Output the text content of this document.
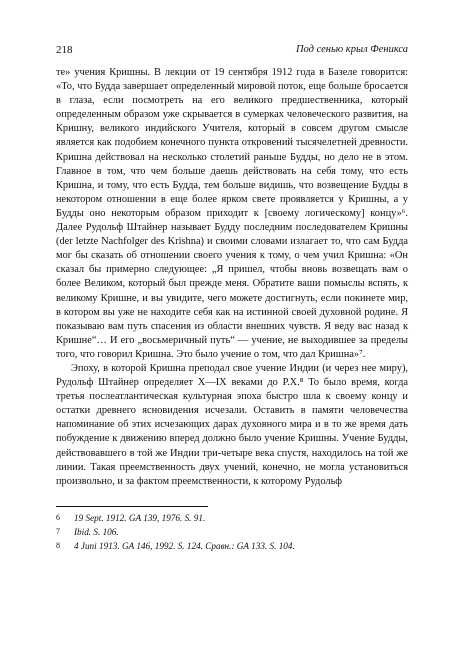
218	Под сенью крыл Феникса

те» учения Кришны. В лекции от 19 сентября 1912 года в Базеле говорится: «То, что Будда завершает определенный мировой поток, еще больше бросается в глаза, если посмотреть на его великого предшественника, который определенным образом уже скрывается в сумерках человеческого развития, на Кришну, великого индийского Учителя, который в совсем другом смысле является как подобием конечного пункта откровений тысячелетней древности. Кришна действовал на несколько столетий раньше Будды, но дело не в этом. Главное в том, что чем больше даешь действовать на себя тому, что есть Кришна, и тому, что есть Будда, тем больше видишь, что возвещение Будды в некотором отношении в еще более ярком свете проявляется у Кришны, а у Будды оно некоторым образом приходит к [своему логическому] концу»⁶. Далее Рудольф Штайнер называет Будду последним последователем Кришны (der letzte Nachfolger des Krishna) и своими словами излагает то, что сам Будда мог бы сказать об отношении своего учения к тому, о чем учил Кришна: «Он сказал бы примерно следующее: „Я пришел, чтобы вновь возвещать вам о более Великом, который был прежде меня. Обратите ваши помыслы вспять, к великому Кришне, и вы увидите, чего можете достигнуть, если покинете мир, в котором вы уже не находите себя как на истинной своей духовной родине. Я показываю вам путь спасения из области внешних чувств. Я веду вас назад к Кришне“… И его „восьмеричный путь“ — учение, не выходившее за пределы того, что говорил Кришна. Это было учение о том, что дал Кришна»⁷.

Эпоху, в которой Кришна преподал свое учение Индии (и через нее миру), Рудольф Штайнер определяет X—IX веками до Р.Х.⁸ То было время, когда третья послеатлантическая культурная эпоха быстро шла к своему концу и остатки древнего ясновидения исчезали. Оставить в памяти человечества напоминание об этих исчезающих дарах духовного мира и в то же время дать побуждение к движению вперед должно было учение Кришны. Учение Будды, действовавшего в той же Индии три-четыре века спустя, находилось на той же линии. Такая преемственность двух учений, конечно, не могла установиться произвольно, и за фактом преемственности, к которому Рудольф

6	19 Sept. 1912. GA 139, 1976. S. 91.
7	Ibid. S. 106.
8	4 Juni 1913. GA 146, 1992. S. 124. Сравн.: GA 133. S. 104.
